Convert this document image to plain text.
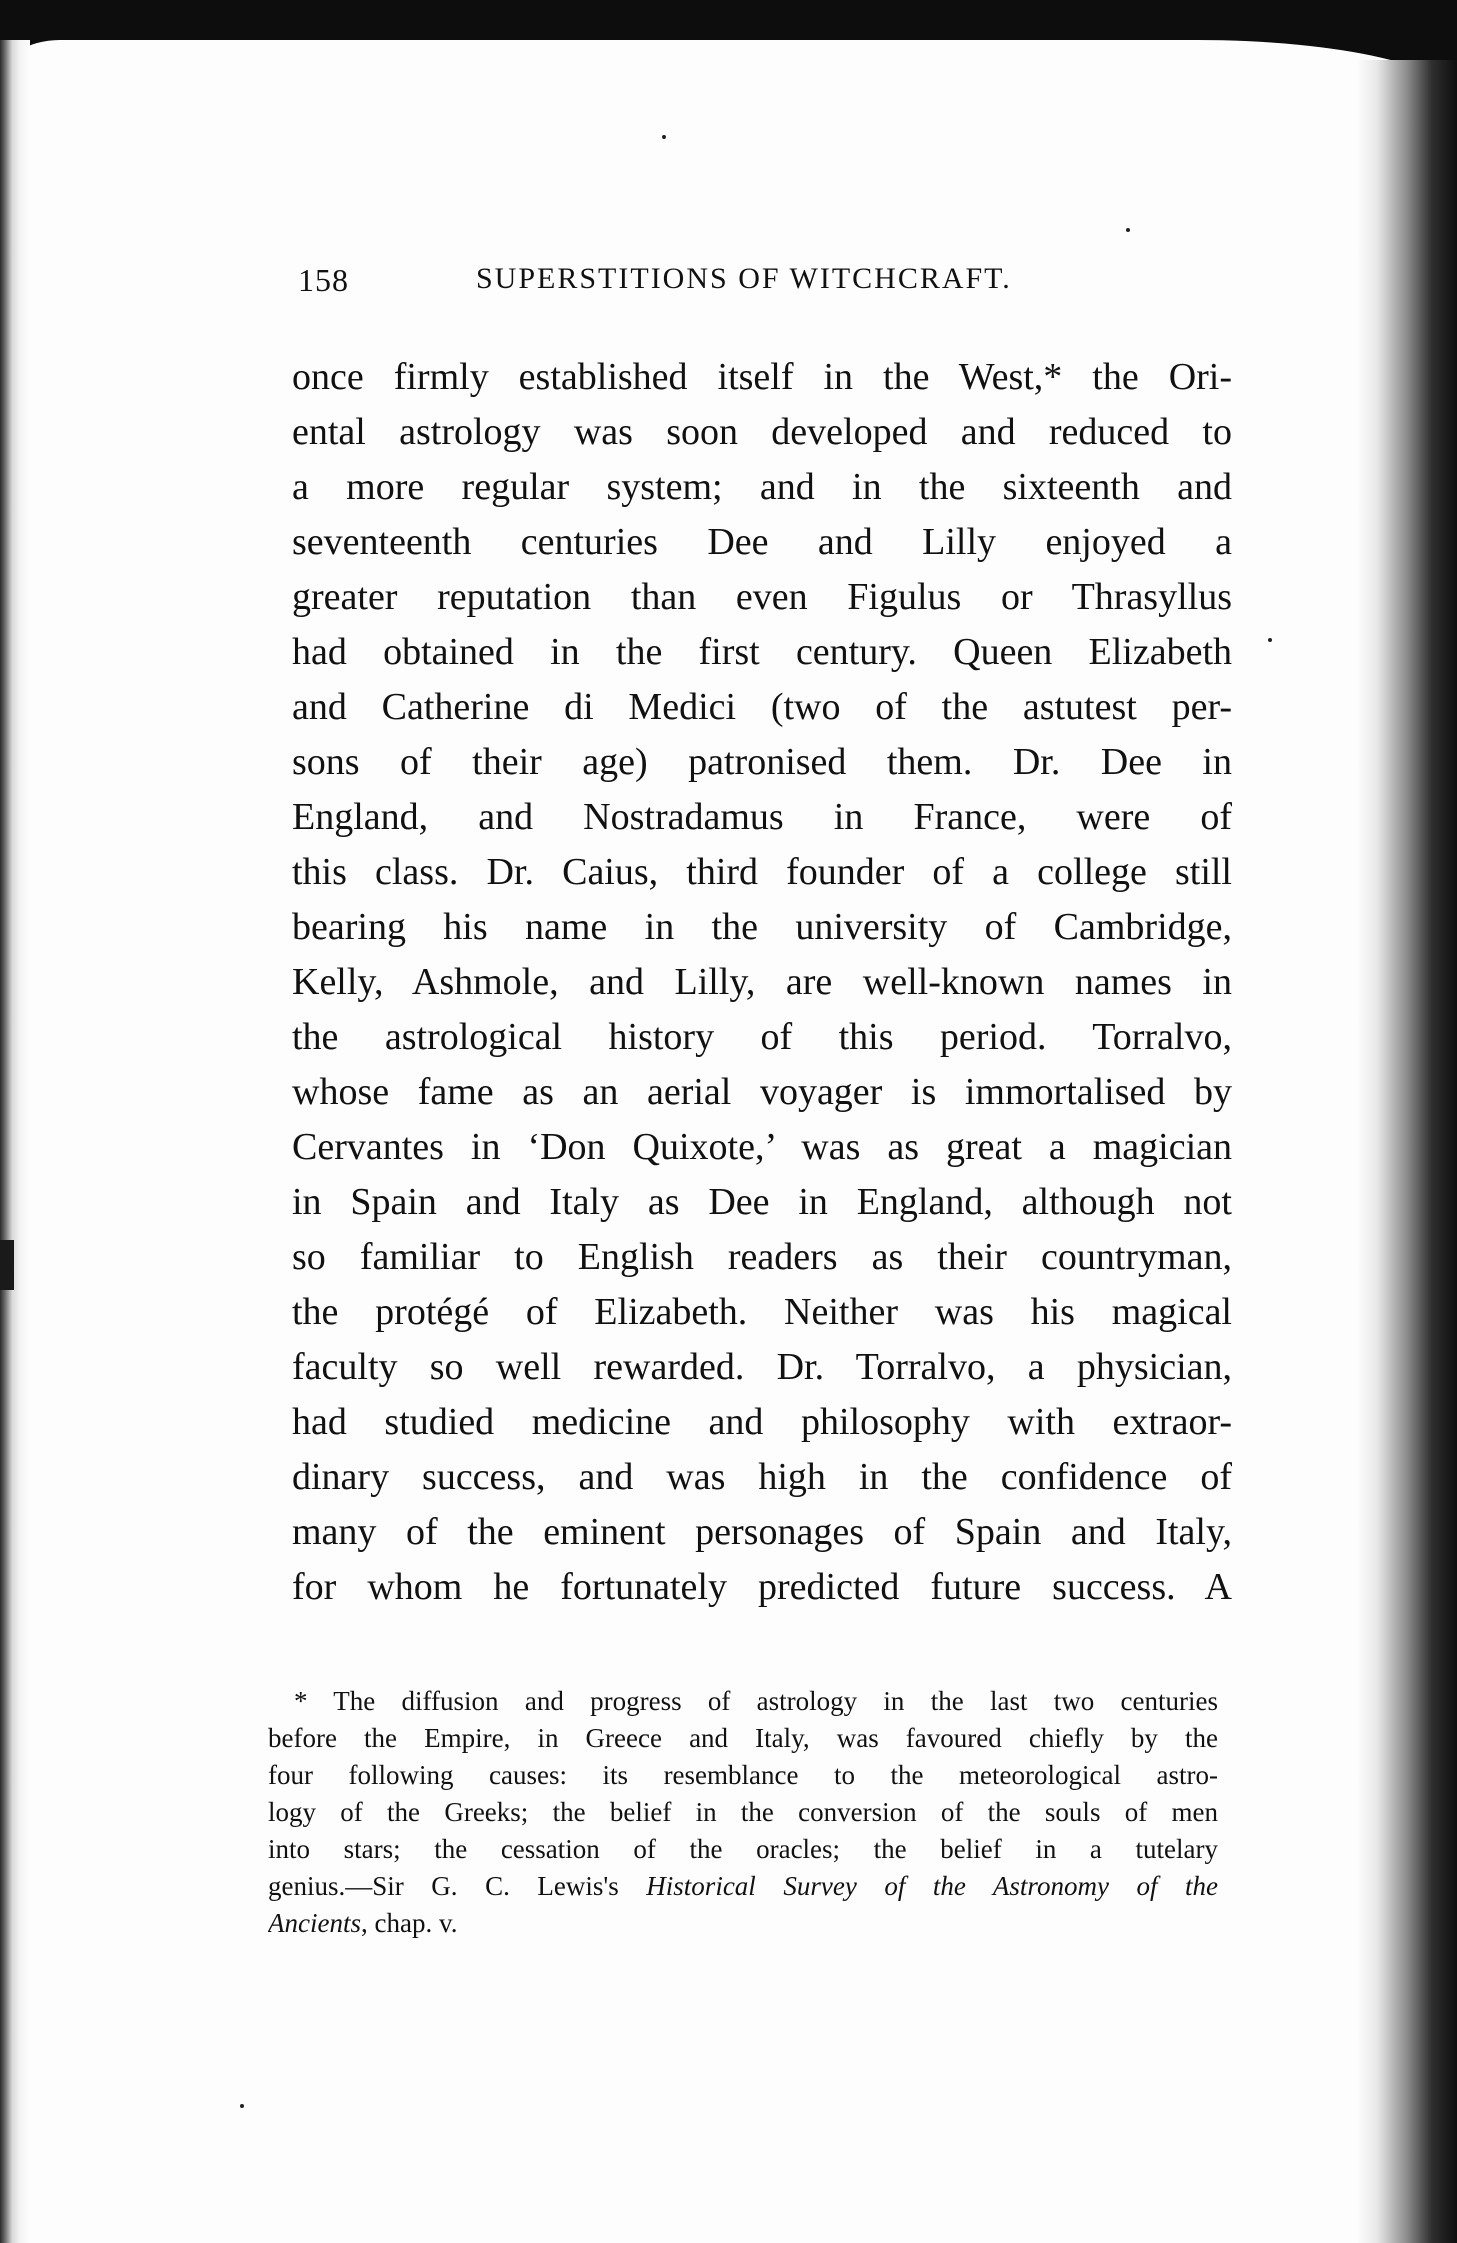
158	SUPERSTITIONS OF WITCHCRAFT.
once firmly established itself in the West,* the Ori-
ental astrology was soon developed and reduced to
a more regular system; and in the sixteenth and
seventeenth centuries Dee and Lilly enjoyed a
greater reputation than even Figulus or Thrasyllus
had obtained in the first century. Queen Elizabeth
and Catherine di Medici (two of the astutest per-
sons of their age) patronised them. Dr. Dee in
England, and Nostradamus in France, were of
this class. Dr. Caius, third founder of a college still
bearing his name in the university of Cambridge,
Kelly, Ashmole, and Lilly, are well-known names in
the astrological history of this period. Torralvo,
whose fame as an aerial voyager is immortalised by
Cervantes in ‘Don Quixote,’ was as great a magician
in Spain and Italy as Dee in England, although not
so familiar to English readers as their countryman,
the protégé of Elizabeth. Neither was his magical
faculty so well rewarded. Dr. Torralvo, a physician,
had studied medicine and philosophy with extraor-
dinary success, and was high in the confidence of
many of the eminent personages of Spain and Italy,
for whom he fortunately predicted future success. A
* The diffusion and progress of astrology in the last two centuries
before the Empire, in Greece and Italy, was favoured chiefly by the
four following causes: its resemblance to the meteorological astro-
logy of the Greeks; the belief in the conversion of the souls of men
into stars; the cessation of the oracles; the belief in a tutelary
genius.—Sir G. C. Lewis's Historical Survey of the Astronomy of the
Ancients, chap. v.
